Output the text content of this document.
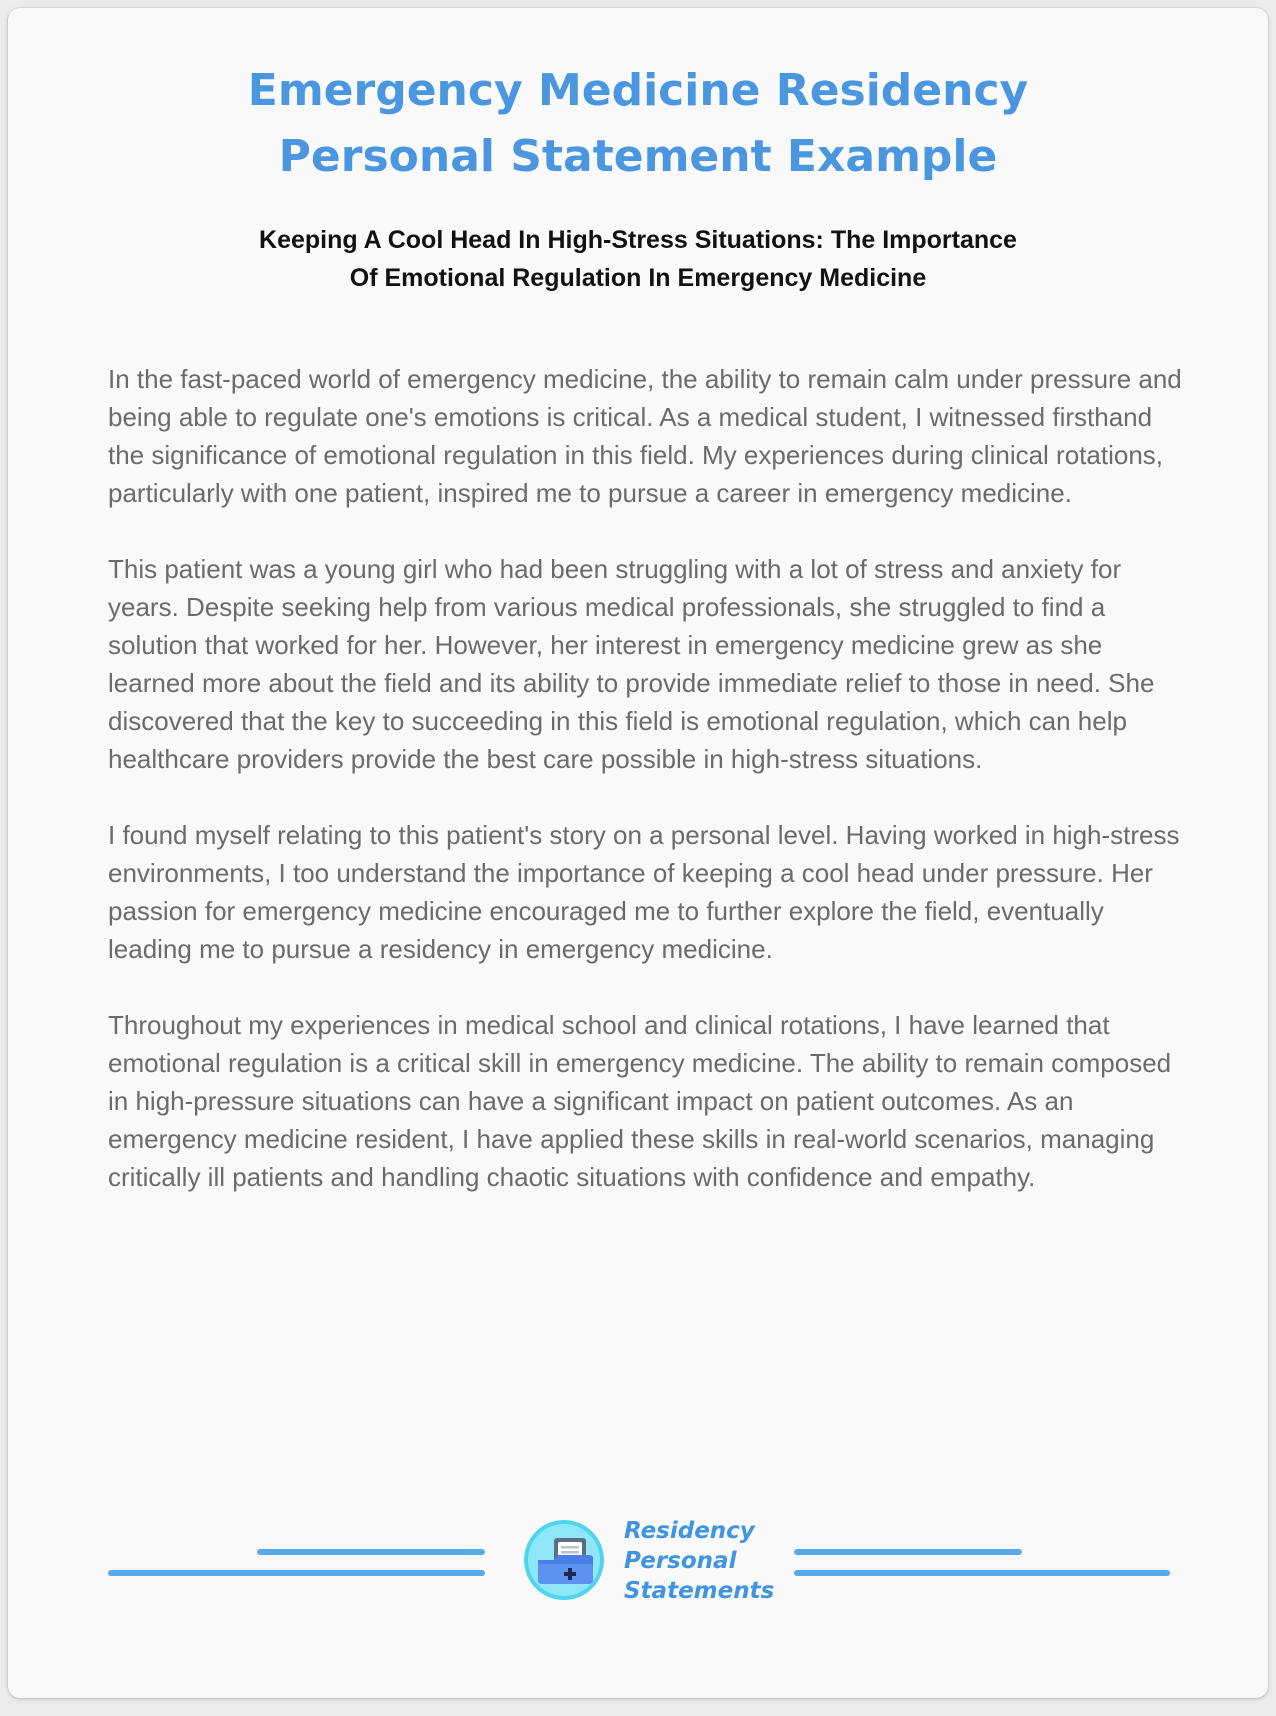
Emergency Medicine Residency
Personal Statement Example
Keeping A Cool Head In High-Stress Situations: The Importance
Of Emotional Regulation In Emergency Medicine

In the fast-paced world of emergency medicine, the ability to remain calm under pressure and being able to regulate one's emotions is critical. As a medical student, I witnessed firsthand the significance of emotional regulation in this field. My experiences during clinical rotations, particularly with one patient, inspired me to pursue a career in emergency medicine.

This patient was a young girl who had been struggling with a lot of stress and anxiety for years. Despite seeking help from various medical professionals, she struggled to find a solution that worked for her. However, her interest in emergency medicine grew as she learned more about the field and its ability to provide immediate relief to those in need. She discovered that the key to succeeding in this field is emotional regulation, which can help healthcare providers provide the best care possible in high-stress situations.

I found myself relating to this patient's story on a personal level. Having worked in high-stress environments, I too understand the importance of keeping a cool head under pressure. Her passion for emergency medicine encouraged me to further explore the field, eventually leading me to pursue a residency in emergency medicine.

Throughout my experiences in medical school and clinical rotations, I have learned that emotional regulation is a critical skill in emergency medicine. The ability to remain composed in high-pressure situations can have a significant impact on patient outcomes. As an emergency medicine resident, I have applied these skills in real-world scenarios, managing critically ill patients and handling chaotic situations with confidence and empathy.

Residency
Personal
Statements
